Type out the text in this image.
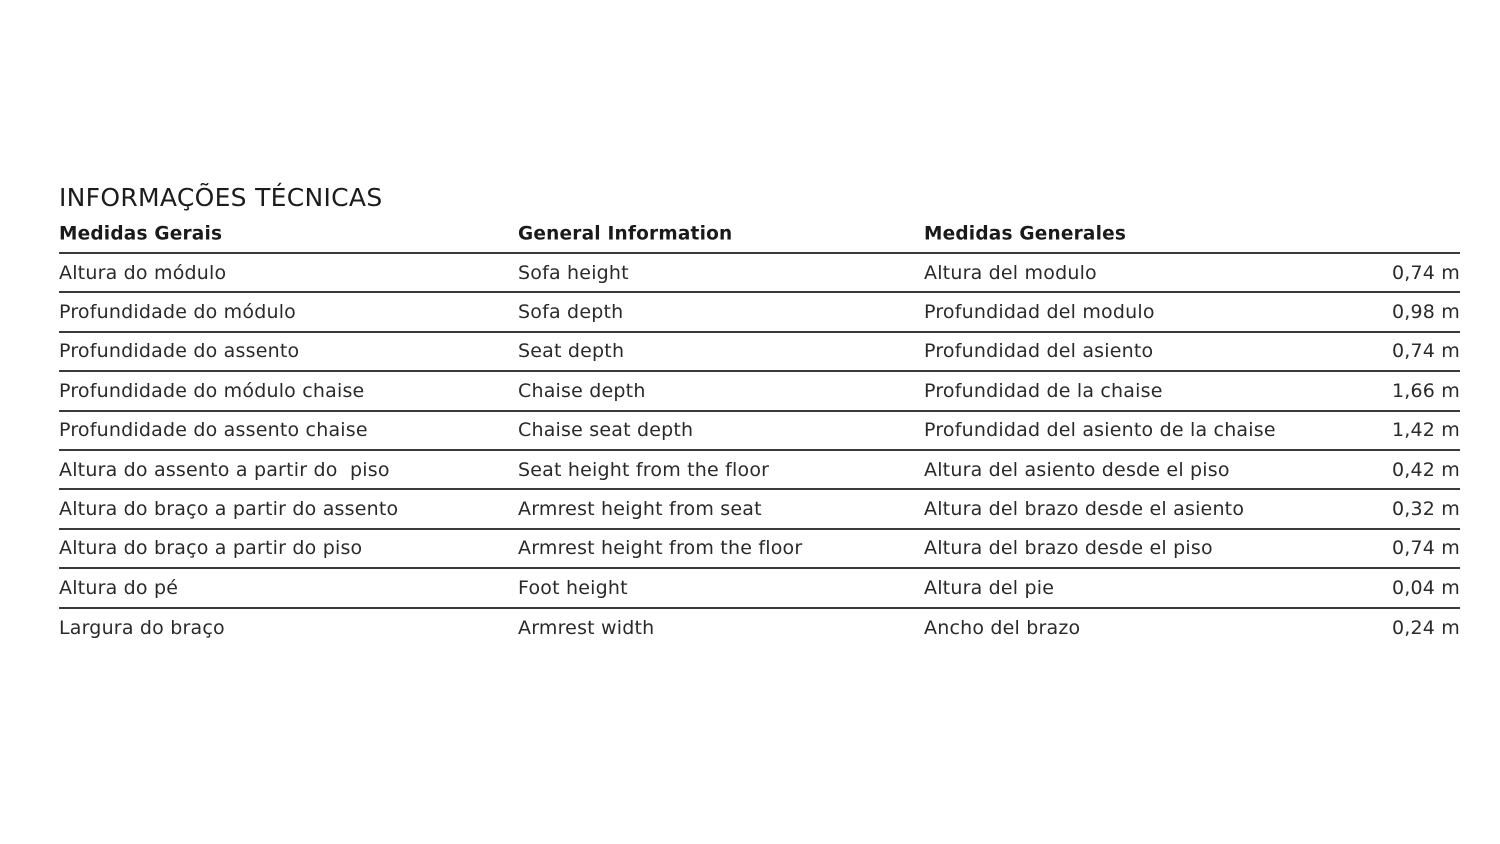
INFORMAÇÕES TÉCNICAS
Medidas Gerais	General Information	Medidas Generales
Altura do módulo	Sofa height	Altura del modulo	0,74 m
Profundidade do módulo	Sofa depth	Profundidad del modulo	0,98 m
Profundidade do assento	Seat depth	Profundidad del asiento	0,74 m
Profundidade do módulo chaise	Chaise depth	Profundidad de la chaise	1,66 m
Profundidade do assento chaise	Chaise seat depth	Profundidad del asiento de la chaise	1,42 m
Altura do assento a partir do  piso	Seat height from the floor	Altura del asiento desde el piso	0,42 m
Altura do braço a partir do assento	Armrest height from seat	Altura del brazo desde el asiento	0,32 m
Altura do braço a partir do piso	Armrest height from the floor	Altura del brazo desde el piso	0,74 m
Altura do pé	Foot height	Altura del pie	0,04 m
Largura do braço	Armrest width	Ancho del brazo	0,24 m
